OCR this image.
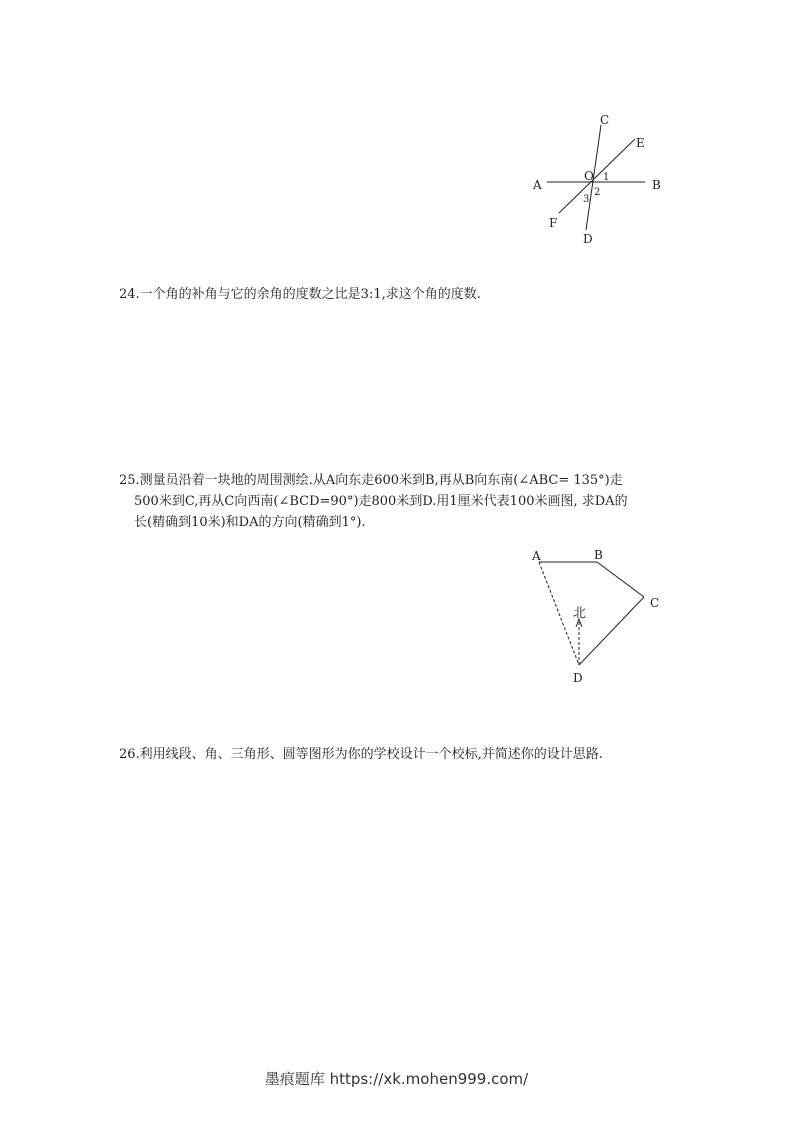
C
E
A
O 1
B
2
3
F
D

24.一个角的补角与它的余角的度数之比是3:1,求这个角的度数.

25.测量员沿着一块地的周围测绘.从A向东走600米到B,再从B向东南(∠ABC= 135°)走
500米到C,再从C向西南(∠BCD=90°)走800米到D.用1厘米代表100米画图, 求DA的
长(精确到10米)和DA的方向(精确到1°).

北
A	B
C
D

26.利用线段、角、三角形、圆等图形为你的学校设计一个校标,并简述你的设计思路.

墨痕题库 https://xk.mohen999.com/
